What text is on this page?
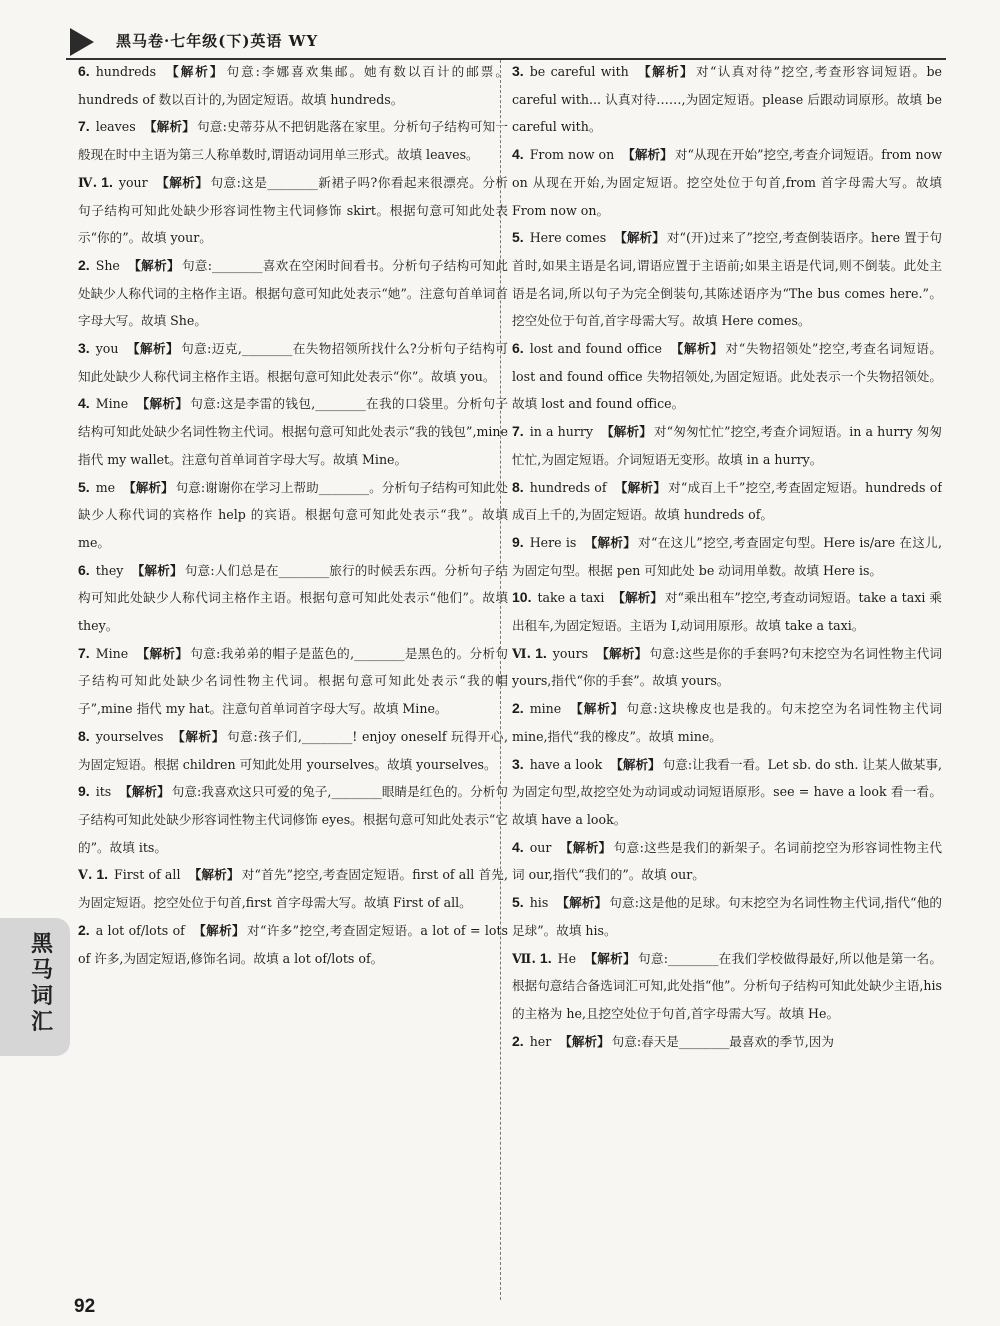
黑马卷·七年级(下)英语 WY

6. hundreds 【解析】 句意:李娜喜欢集邮。她有数以百计的邮票。hundreds of 数以百计的,为固定短语。故填 hundreds。

7. leaves 【解析】 句意:史蒂芬从不把钥匙落在家里。分析句子结构可知一般现在时中主语为第三人称单数时,谓语动词用单三形式。故填 leaves。

Ⅳ. 1. your 【解析】 句意:这是________新裙子吗?你看起来很漂亮。分析句子结构可知此处缺少形容词性物主代词修饰 skirt。根据句意可知此处表示“你的”。故填 your。

2. She 【解析】 句意:________喜欢在空闲时间看书。分析句子结构可知此处缺少人称代词的主格作主语。根据句意可知此处表示“她”。注意句首单词首字母大写。故填 She。

3. you 【解析】 句意:迈克,________在失物招领所找什么?分析句子结构可知此处缺少人称代词主格作主语。根据句意可知此处表示“你”。故填 you。

4. Mine 【解析】 句意:这是李雷的钱包,________在我的口袋里。分析句子结构可知此处缺少名词性物主代词。根据句意可知此处表示“我的钱包”,mine 指代 my wallet。注意句首单词首字母大写。故填 Mine。

5. me 【解析】 句意:谢谢你在学习上帮助________。分析句子结构可知此处缺少人称代词的宾格作 help 的宾语。根据句意可知此处表示“我”。故填 me。

6. they 【解析】 句意:人们总是在________旅行的时候丢东西。分析句子结构可知此处缺少人称代词主格作主语。根据句意可知此处表示“他们”。故填 they。

7. Mine 【解析】 句意:我弟弟的帽子是蓝色的,________是黑色的。分析句子结构可知此处缺少名词性物主代词。根据句意可知此处表示“我的帽子”,mine 指代 my hat。注意句首单词首字母大写。故填 Mine。

8. yourselves 【解析】 句意:孩子们,________! enjoy oneself 玩得开心,为固定短语。根据 children 可知此处用 yourselves。故填 yourselves。

9. its 【解析】 句意:我喜欢这只可爱的兔子,________眼睛是红色的。分析句子结构可知此处缺少形容词性物主代词修饰 eyes。根据句意可知此处表示“它的”。故填 its。

Ⅴ. 1. First of all 【解析】 对“首先”挖空,考查固定短语。first of all 首先,为固定短语。挖空处位于句首,first 首字母需大写。故填 First of all。

2. a lot of/lots of 【解析】 对“许多”挖空,考查固定短语。a lot of = lots of 许多,为固定短语,修饰名词。故填 a lot of/lots of。

3. be careful with 【解析】 对“认真对待”挖空,考查形容词短语。be careful with... 认真对待……,为固定短语。please 后跟动词原形。故填 be careful with。

4. From now on 【解析】 对“从现在开始”挖空,考查介词短语。from now on 从现在开始,为固定短语。挖空处位于句首,from 首字母需大写。故填 From now on。

5. Here comes 【解析】 对“(开)过来了”挖空,考查倒装语序。here 置于句首时,如果主语是名词,谓语应置于主语前;如果主语是代词,则不倒装。此处主语是名词,所以句子为完全倒装句,其陈述语序为“The bus comes here.”。挖空处位于句首,首字母需大写。故填 Here comes。

6. lost and found office 【解析】 对“失物招领处”挖空,考查名词短语。lost and found office 失物招领处,为固定短语。此处表示一个失物招领处。故填 lost and found office。

7. in a hurry 【解析】 对“匆匆忙忙”挖空,考查介词短语。in a hurry 匆匆忙忙,为固定短语。介词短语无变形。故填 in a hurry。

8. hundreds of 【解析】 对“成百上千”挖空,考查固定短语。hundreds of 成百上千的,为固定短语。故填 hundreds of。

9. Here is 【解析】 对“在这儿”挖空,考查固定句型。Here is/are 在这儿,为固定句型。根据 pen 可知此处 be 动词用单数。故填 Here is。

10. take a taxi 【解析】 对“乘出租车”挖空,考查动词短语。take a taxi 乘出租车,为固定短语。主语为 I,动词用原形。故填 take a taxi。

Ⅵ. 1. yours 【解析】 句意:这些是你的手套吗?句末挖空为名词性物主代词 yours,指代“你的手套”。故填 yours。

2. mine 【解析】 句意:这块橡皮也是我的。句末挖空为名词性物主代词 mine,指代“我的橡皮”。故填 mine。

3. have a look 【解析】 句意:让我看一看。Let sb. do sth. 让某人做某事,为固定句型,故挖空处为动词或动词短语原形。see = have a look 看一看。故填 have a look。

4. our 【解析】 句意:这些是我们的新架子。名词前挖空为形容词性物主代词 our,指代“我们的”。故填 our。

5. his 【解析】 句意:这是他的足球。句末挖空为名词性物主代词,指代“他的足球”。故填 his。

Ⅶ. 1. He 【解析】 句意:________在我们学校做得最好,所以他是第一名。根据句意结合备选词汇可知,此处指“他”。分析句子结构可知此处缺少主语,his 的主格为 he,且挖空处位于句首,首字母需大写。故填 He。

2. her 【解析】 句意:春天是________最喜欢的季节,因为

黑马词汇
92
